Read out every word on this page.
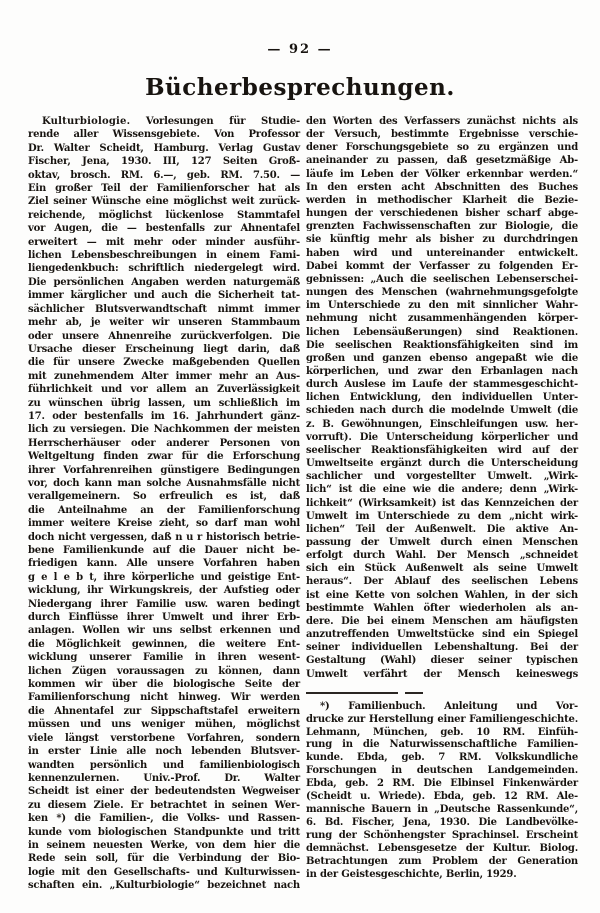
— 92 —
Bücherbesprechungen.
Kulturbiologie. Vorlesungen für Studie-
rende aller Wissensgebiete. Von Professor
Dr. Walter Scheidt, Hamburg. Verlag Gustav
Fischer, Jena, 1930. III, 127 Seiten Groß-
oktav, brosch. RM. 6.—, geb. RM. 7.50. —
Ein großer Teil der Familienforscher hat als
Ziel seiner Wünsche eine möglichst weit zurück-
reichende, möglichst lückenlose Stammtafel
vor Augen, die — bestenfalls zur Ahnentafel
erweitert — mit mehr oder minder ausführ-
lichen Lebensbeschreibungen in einem Fami-
liengedenkbuch: schriftlich niedergelegt wird.
Die persönlichen Angaben werden naturgemäß
immer kärglicher und auch die Sicherheit tat-
sächlicher Blutsverwandtschaft nimmt immer
mehr ab, je weiter wir unseren Stammbaum
oder unsere Ahnenreihe zurückverfolgen. Die
Ursache dieser Erscheinung liegt darin, daß
die für unsere Zwecke maßgebenden Quellen
mit zunehmendem Alter immer mehr an Aus-
führlichkeit und vor allem an Zuverlässigkeit
zu wünschen übrig lassen, um schließlich im
17. oder bestenfalls im 16. Jahrhundert gänz-
lich zu versiegen. Die Nachkommen der meisten
Herrscherhäuser oder anderer Personen von
Weltgeltung finden zwar für die Erforschung
ihrer Vorfahrenreihen günstigere Bedingungen
vor, doch kann man solche Ausnahmsfälle nicht
verallgemeinern. So erfreulich es ist, daß
die Anteilnahme an der Familienforschung
immer weitere Kreise zieht, so darf man wohl
doch nicht vergessen, daß n u r historisch betrie-
bene Familienkunde auf die Dauer nicht be-
friedigen kann. Alle unsere Vorfahren haben
g e l e b t, ihre körperliche und geistige Ent-
wicklung, ihr Wirkungskreis, der Aufstieg oder
Niedergang ihrer Familie usw. waren bedingt
durch Einflüsse ihrer Umwelt und ihrer Erb-
anlagen. Wollen wir uns selbst erkennen und
die Möglichkeit gewinnen, die weitere Ent-
wicklung unserer Familie in ihren wesent-
lichen Zügen voraussagen zu können, dann
kommen wir über die biologische Seite der
Familienforschung nicht hinweg. Wir werden
die Ahnentafel zur Sippschaftstafel erweitern
müssen und uns weniger mühen, möglichst
viele längst verstorbene Vorfahren, sondern
in erster Linie alle noch lebenden Blutsver-
wandten persönlich und familienbiologisch
kennenzulernen. Univ.-Prof. Dr. Walter
Scheidt ist einer der bedeutendsten Wegweiser
zu diesem Ziele. Er betrachtet in seinen Wer-
ken *) die Familien-, die Volks- und Rassen-
kunde vom biologischen Standpunkte und tritt
in seinem neuesten Werke, von dem hier die
Rede sein soll, für die Verbindung der Bio-
logie mit den Gesellschafts- und Kulturwissen-
schaften ein. „Kulturbiologie“ bezeichnet nach
den Worten des Verfassers zunächst nichts als
der Versuch, bestimmte Ergebnisse verschie-
dener Forschungsgebiete so zu ergänzen und
aneinander zu passen, daß gesetzmäßige Ab-
läufe im Leben der Völker erkennbar werden.“
In den ersten acht Abschnitten des Buches
werden in methodischer Klarheit die Bezie-
hungen der verschiedenen bisher scharf abge-
grenzten Fachwissenschaften zur Biologie, die
sie künftig mehr als bisher zu durchdringen
haben wird und untereinander entwickelt.
Dabei kommt der Verfasser zu folgenden Er-
gebnissen: „Auch die seelischen Lebenserschei-
nungen des Menschen (wahrnehmungsgefolgte
im Unterschiede zu den mit sinnlicher Wahr-
nehmung nicht zusammenhängenden körper-
lichen Lebensäußerungen) sind Reaktionen.
Die seelischen Reaktionsfähigkeiten sind im
großen und ganzen ebenso angepaßt wie die
körperlichen, und zwar den Erbanlagen nach
durch Auslese im Laufe der stammesgeschicht-
lichen Entwicklung, den individuellen Unter-
schieden nach durch die modelnde Umwelt (die
z. B. Gewöhnungen, Einschleifungen usw. her-
vorruft). Die Unterscheidung körperlicher und
seelischer Reaktionsfähigkeiten wird auf der
Umweltseite ergänzt durch die Unterscheidung
sachlicher und vorgestellter Umwelt. „Wirk-
lich“ ist die eine wie die andere; denn „Wirk-
lichkeit“ (Wirksamkeit) ist das Kennzeichen der
Umwelt im Unterschiede zu dem „nicht wirk-
lichen“ Teil der Außenwelt. Die aktive An-
passung der Umwelt durch einen Menschen
erfolgt durch Wahl. Der Mensch „schneidet
sich ein Stück Außenwelt als seine Umwelt
heraus“. Der Ablauf des seelischen Lebens
ist eine Kette von solchen Wahlen, in der sich
bestimmte Wahlen öfter wiederholen als an-
dere. Die bei einem Menschen am häufigsten
anzutreffenden Umweltstücke sind ein Spiegel
seiner individuellen Lebenshaltung. Bei der
Gestaltung (Wahl) dieser seiner typischen
Umwelt verfährt der Mensch keineswegs
*) Familienbuch. Anleitung und Vor-
drucke zur Herstellung einer Familiengeschichte.
Lehmann, München, geb. 10 RM. Einfüh-
rung in die Naturwissenschaftliche Familien-
kunde. Ebda, geb. 7 RM. Volkskundliche
Forschungen in deutschen Landgemeinden.
Ebda, geb. 2 RM. Die Elbinsel Finkenwärder
(Scheidt u. Wriede). Ebda, geb. 12 RM. Ale-
mannische Bauern in „Deutsche Rassenkunde“,
6. Bd. Fischer, Jena, 1930. Die Landbevölke-
rung der Schönhengster Sprachinsel. Erscheint
demnächst. Lebensgesetze der Kultur. Biolog.
Betrachtungen zum Problem der Generation
in der Geistesgeschichte, Berlin, 1929.
